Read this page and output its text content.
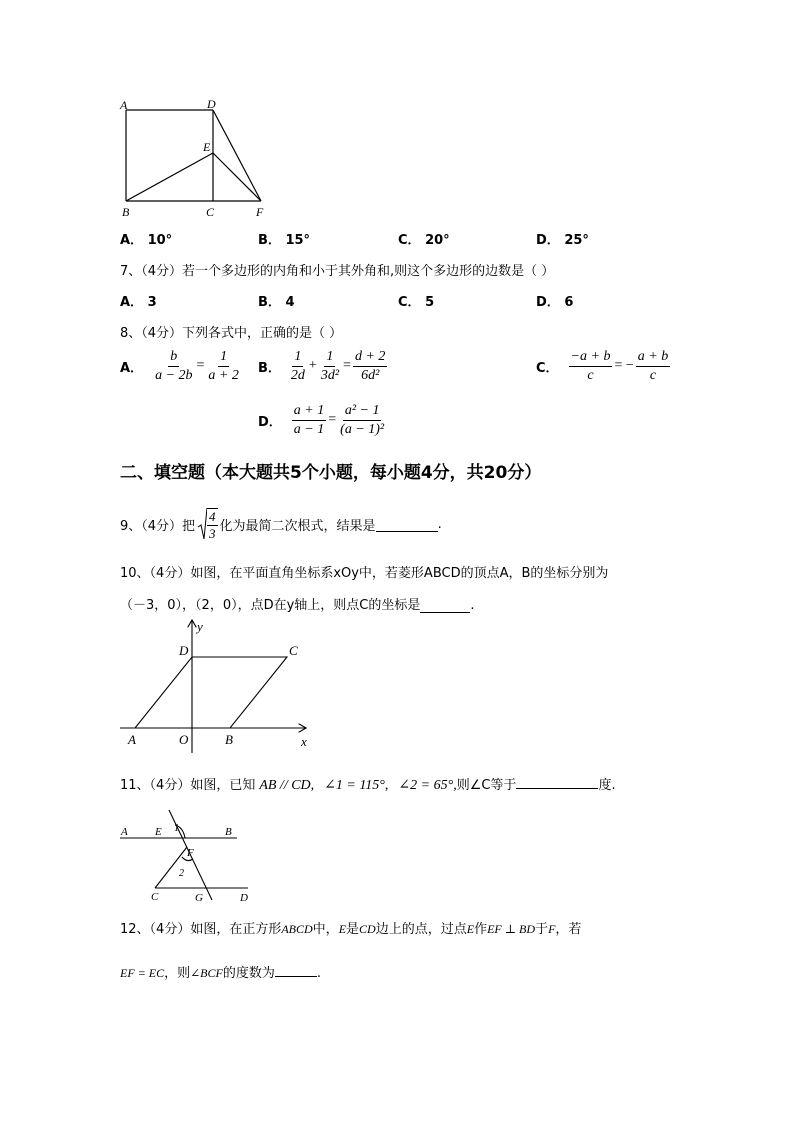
A	D
E
B	C	F
A． 10°	B． 15°	C． 20°	D． 25°
7、（4分）若一个多边形的内角和小于其外角和,则这个多边形的边数是（ ）
A． 3	B． 4	C． 5	D． 6
8、（4分）下列各式中，正确的是（ ）
A． $\frac{b}{a - 2b} = \frac{1}{a + 2}$ B． $\frac{1}{2d} + \frac{1}{\text{3d²}} = \frac{d + 2}{\text{6d²}}$	C． $\frac{-a + b}{c}$ = − $\frac{a + b}{c}$
D． $\frac{a + 1}{a - 1} = \frac{\text{a² − 1}}{\text{(a − 1)²}}$
二、填空题（本大题共5个小题，每小题4分，共20分）
9、（4分）把 $\frac{4}{3}$ 化为最简二次根式，结果是	.
10、（4分）如图，在平面直角坐标系xOy中，若菱形ABCD的顶点A，B的坐标分别为
（－3，0），（2，0），点D在y轴上，则点C的坐标是	.
y
D	C
A	O	B	x
11、（4分）如图，已知 AB // CD, ∠1 = 115°, ∠2 = 65°, 则∠C等于	度.
A E 1	B
F
2
C	G	D
12、（4分）如图，在正方形 ABCD 中， E 是 CD 边上的点，过点 E 作 EF ⊥ BD 于 F ，若
EF = EC ，则 ∠BCF 的度数为	.
